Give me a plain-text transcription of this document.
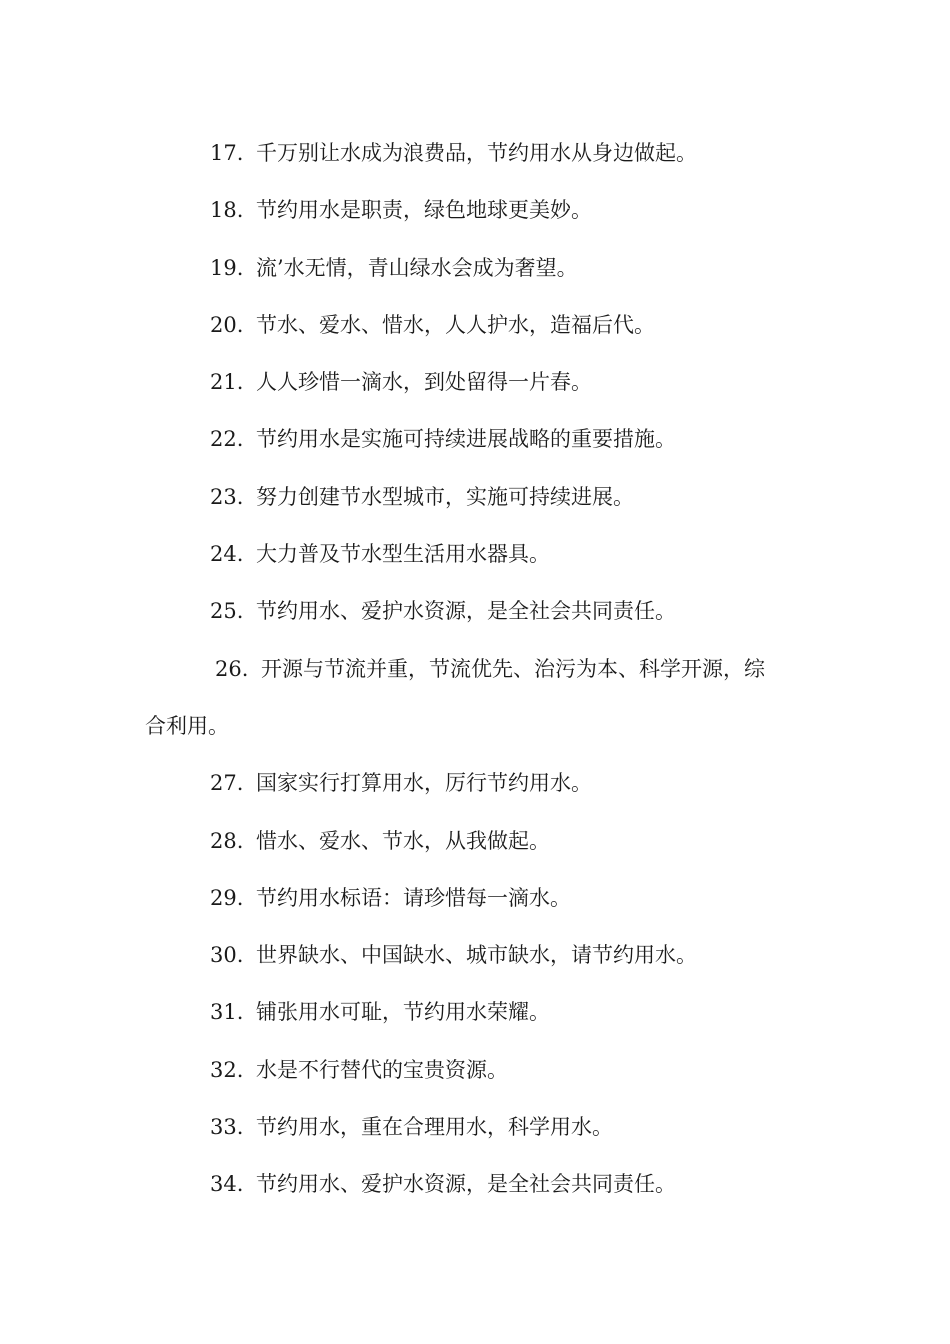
17. 千万别让水成为浪费品，节约用水从身边做起。
18. 节约用水是职责，绿色地球更美妙。
19. 流’水无情，青山绿水会成为奢望。
20. 节水、爱水、惜水，人人护水，造福后代。
21. 人人珍惜一滴水，到处留得一片春。
22. 节约用水是实施可持续进展战略的重要措施。
23. 努力创建节水型城市，实施可持续进展。
24. 大力普及节水型生活用水器具。
25. 节约用水、爱护水资源，是全社会共同责任。
26. 开源与节流并重，节流优先、治污为本、科学开源，综
合利用。
27. 国家实行打算用水，厉行节约用水。
28. 惜水、爱水、节水，从我做起。
29. 节约用水标语：请珍惜每一滴水。
30. 世界缺水、中国缺水、城市缺水，请节约用水。
31. 铺张用水可耻，节约用水荣耀。
32. 水是不行替代的宝贵资源。
33. 节约用水，重在合理用水，科学用水。
34. 节约用水、爱护水资源，是全社会共同责任。
